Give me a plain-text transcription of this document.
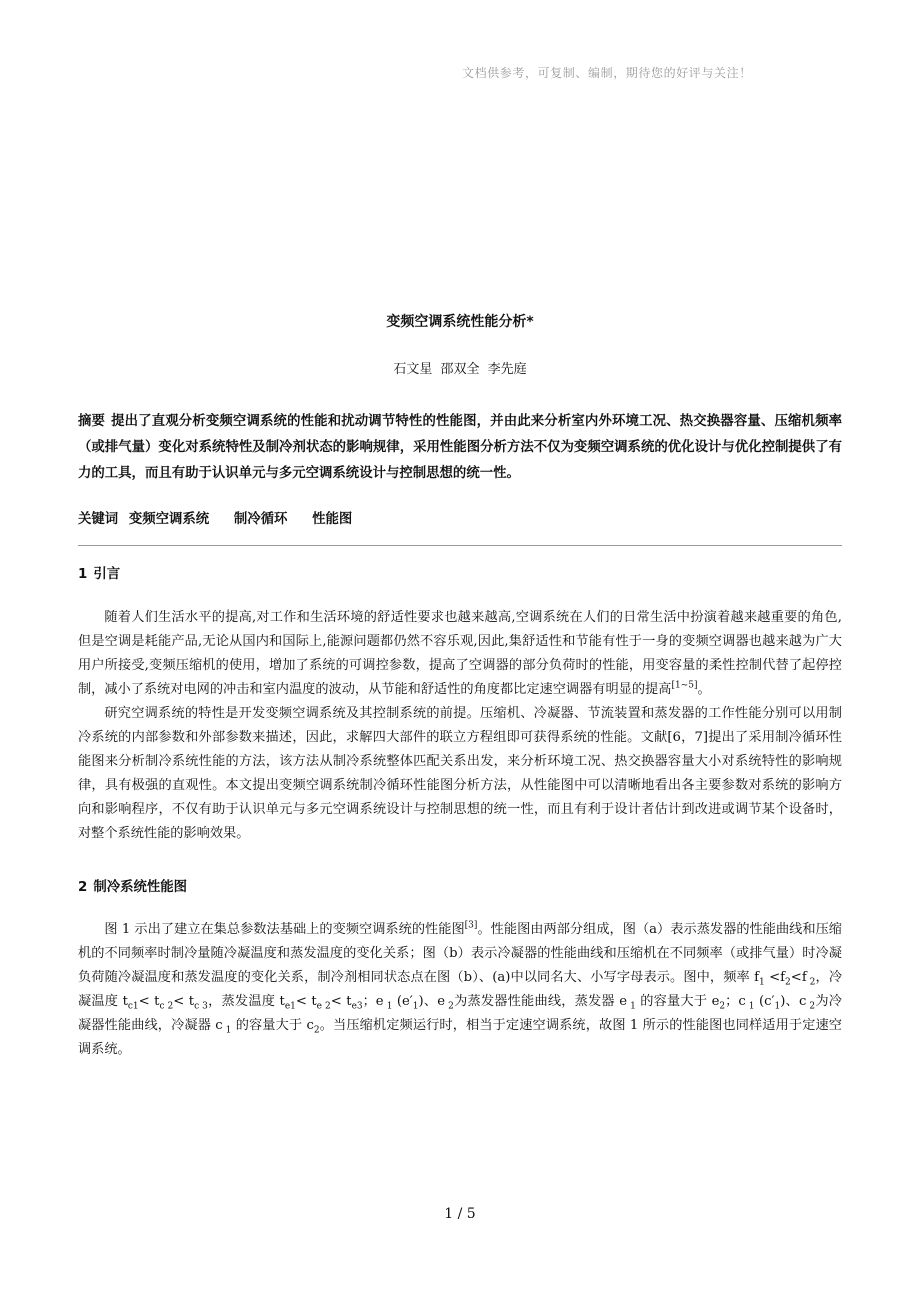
文档供参考，可复制、编制，期待您的好评与关注！
变频空调系统性能分析*
石文星 邵双全 李先庭
摘要 提出了直观分析变频空调系统的性能和扰动调节特性的性能图，并由此来分析室内外环境工况、热交换器容量、压缩机频率（或排气量）变化对系统特性及制冷剂状态的影响规律，采用性能图分析方法不仅为变频空调系统的优化设计与优化控制提供了有力的工具，而且有助于认识单元与多元空调系统设计与控制思想的统一性。
关键词 变频空调系统 制冷循环 性能图
1 引言

随着人们生活水平的提高,对工作和生活环境的舒适性要求也越来越高,空调系统在人们的日常生活中扮演着越来越重要的角色,但是空调是耗能产品,无论从国内和国际上,能源问题都仍然不容乐观,因此,集舒适性和节能有性于一身的变频空调器也越来越为广大用户所接受,变频压缩机的使用，增加了系统的可调控参数，提高了空调器的部分负荷时的性能，用变容量的柔性控制代替了起停控制，减小了系统对电网的冲击和室内温度的波动，从节能和舒适性的角度都比定速空调器有明显的提高[1~5]。

研究空调系统的特性是开发变频空调系统及其控制系统的前提。压缩机、冷凝器、节流装置和蒸发器的工作性能分别可以用制冷系统的内部参数和外部参数来描述，因此，求解四大部件的联立方程组即可获得系统的性能。文献[6，7]提出了采用制冷循环性能图来分析制冷系统性能的方法，该方法从制冷系统整体匹配关系出发，来分析环境工况、热交换器容量大小对系统特性的影响规律，具有极强的直观性。本文提出变频空调系统制冷循环性能图分析方法，从性能图中可以清晰地看出各主要参数对系统的影响方向和影响程序，不仅有助于认识单元与多元空调系统设计与控制思想的统一性，而且有利于设计者估计到改进或调节某个设备时，对整个系统性能的影响效果。

2 制冷系统性能图

图 1 示出了建立在集总参数法基础上的变频空调系统的性能图[3]。性能图由两部分组成，图（a）表示蒸发器的性能曲线和压缩机的不同频率时制冷量随冷凝温度和蒸发温度的变化关系；图（b）表示冷凝器的性能曲线和压缩机在不同频率（或排气量）时冷凝负荷随冷凝温度和蒸发温度的变化关系，制冷剂相同状态点在图（b）、(a)中以同名大、小写字母表示。图中，频率 $f_1 <f_2<f$ $_2$，冷凝温度 $t_{c1}< t_{c 2}< t_{c 3}$，蒸发温度 $t_{e1}< t_{e 2}< t_{e3}$；e $_1$ $(e'_1)$、e $_2$为蒸发器性能曲线，蒸发器 e $_1$ 的容量大于 $e_2$；c $_1$ $(c'_1)$、c $_2$为冷凝器性能曲线，冷凝器 c $_1$ 的容量大于 $c_2$。当压缩机定频运行时，相当于定速空调系统，故图 1 所示的性能图也同样适用于定速空调系统。

1 / 5
